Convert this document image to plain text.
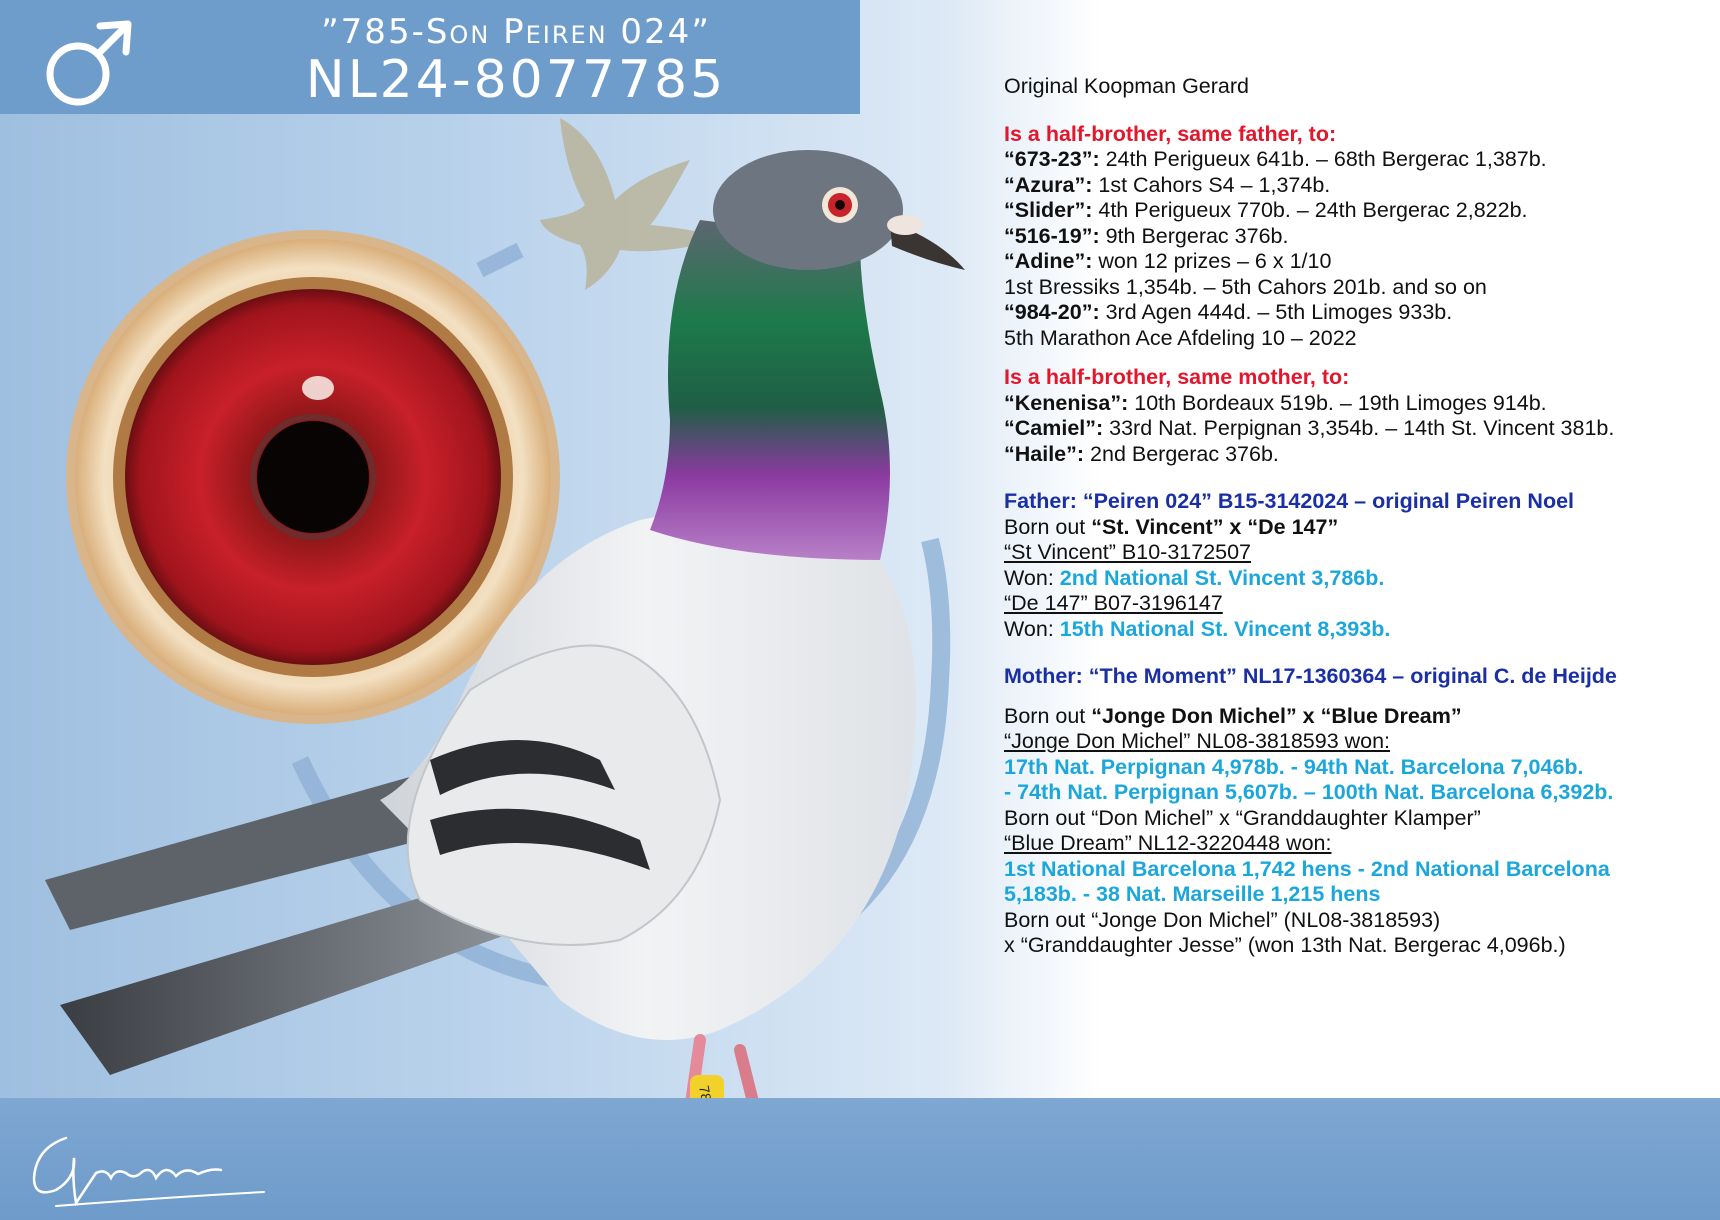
”785-Son Peiren 024”
NL24-8077785	Original Koopman Gerard
Is a half-brother, same father, to:
“673-23”: 24th Perigueux 641b. – 68th Bergerac 1,387b.
“Azura”: 1st Cahors S4 – 1,374b.
“Slider”: 4th Perigueux 770b. – 24th Bergerac 2,822b.
“516-19”: 9th Bergerac 376b.
“Adine”: won 12 prizes – 6 x 1/10
1st Bressiks 1,354b. – 5th Cahors 201b. and so on
“984-20”: 3rd Agen 444d. – 5th Limoges 933b.
5th Marathon Ace Afdeling 10 – 2022
Is a half-brother, same mother, to:
“Kenenisa”: 10th Bordeaux 519b. – 19th Limoges 914b.
“Camiel”: 33rd Nat. Perpignan 3,354b. – 14th St. Vincent 381b.
“Haile”: 2nd Bergerac 376b.
Father: “Peiren 024” B15-3142024 – original Peiren Noel
Born out “St. Vincent” x “De 147”
“St Vincent” B10-3172507
Won: 2nd National St. Vincent 3,786b.
“De 147” B07-3196147
Won: 15th National St. Vincent 8,393b.
Mother: “The Moment” NL17-1360364 – original C. de Heijde
Born out “Jonge Don Michel” x “Blue Dream”
“Jonge Don Michel” NL08-3818593 won:
17th Nat. Perpignan 4,978b. - 94th Nat. Barcelona 7,046b.
- 74th Nat. Perpignan 5,607b. – 100th Nat. Barcelona 6,392b.
Born out “Don Michel” x “Granddaughter Klamper”
“Blue Dream” NL12-3220448 won:
1st National Barcelona 1,742 hens - 2nd National Barcelona
5,183b. - 38 Nat. Marseille 1,215 hens
Born out “Jonge Don Michel” (NL08-3818593)
x “Granddaughter Jesse” (won 13th Nat. Bergerac 4,096b.)
